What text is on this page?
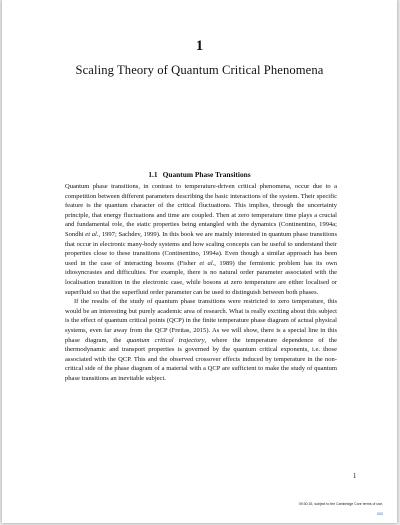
1
Scaling Theory of Quantum Critical Phenomena
1.1 Quantum Phase Transitions

Quantum phase transitions, in contrast to temperature-driven critical phenomena, occur due to a competition between different parameters describing the basic interactions of the system. Their specific feature is the quantum character of the critical fluctuations. This implies, through the uncertainty principle, that energy fluctuations and time are coupled. Then at zero temperature time plays a crucial and fundamental role, the static properties being entangled with the dynamics (Continentino, 1994a; Sondhi et al., 1997; Sachdev, 1999). In this book we are mainly interested in quantum phase transitions that occur in electronic many-body systems and how scaling concepts can be useful to understand their properties close to these transitions (Continentino, 1994a). Even though a similar approach has been used in the case of interacting bosons (Fisher et al., 1989) the fermionic problem has its own idiosyncrasies and difficulties. For example, there is no natural order parameter associated with the localisation transition in the electronic case, while bosons at zero temperature are either localised or superfluid so that the superfluid order parameter can be used to distinguish between both phases.

If the results of the study of quantum phase transitions were restricted to zero temperature, this would be an interesting but purely academic area of research. What is really exciting about this subject is the effect of quantum critical points (QCP) in the finite temperature phase diagram of actual physical systems, even far away from the QCP (Freitas, 2015). As we will show, there is a special line in this phase diagram, the quantum critical trajectory, where the temperature dependence of the thermodynamic and transport properties is governed by the quantum critical exponents, i.e. those associated with the QCP. This and the observed crossover effects induced by temperature in the non-critical side of the phase diagram of a material with a QCP are sufficient to make the study of quantum phase transitions an inevitable subject.

1
09:30:15, subject to the Cambridge Core terms of use,
002
